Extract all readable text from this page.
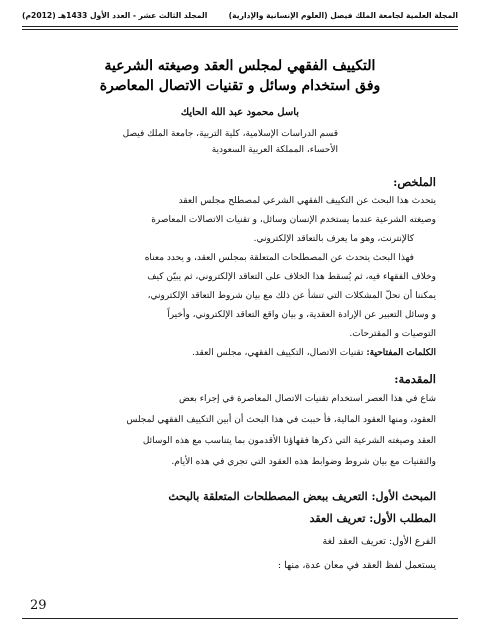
المجلة العلمية لجامعة الملك فيصل (العلوم الإنسانية والإدارية)
المجلد الثالث عشر - العدد الأول 1433هـ (2012م)
التكييف الفقهي لمجلس العقد وصيغته الشرعية
وفق استخدام وسائل و تقنيات الاتصال المعاصرة
باسل محمود عبد الله الحايك
قسم الدراسات الإسلامية، كلية التربية، جامعة الملك فيصل
الأحساء، المملكة العربية السعودية
الملخص:
يتحدث هذا البحث عن التكييف الفقهي الشرعي لمصطلح مجلس العقد
وصيغته الشرعية عندما يستخدم الإنسان وسائل، و تقنيات الاتصالات المعاصرة
كالإنترنت، وهو ما يعرف بالتعاقد الإلكتروني.
فهذا البحث يتحدث عن المصطلحات المتعلقة بمجلس العقد، و يحدد معناه
وخلاف الفقهاء فيه، ثم يُسقط هذا الخلاف على التعاقد الإلكتروني، ثم يبيّن كيف
يمكننا أن نحلّ المشكلات التي تنشأ عن ذلك مع بيان شروط التعاقد الإلكتروني،
و وسائل التعبير عن الإرادة العقدية، و بيان واقع التعاقد الإلكتروني، وأخيراً
التوصيات و المقترحات.
الكلمات المفتاحية: تقنيات الاتصال، التكييف الفقهي، مجلس العقد.
المقدمة:
شاع في هذا العصر استخدام تقنيات الاتصال المعاصرة في إجراء بعض
العقود، ومنها العقود المالية، فأ حببت في هذا البحث أن أبين التكييف الفقهي لمجلس
العقد وصيغته الشرعية التي ذكرها فقهاؤنا الأقدمون بما يتناسب مع هذه الوسائل
والتقنيات مع بيان شروط وضوابط هذه العقود التي تجري في هذه الأيام.
المبحث الأول: التعريف ببعض المصطلحات المتعلقة بالبحث
المطلب الأول: تعريف العقد
الفرع الأول: تعريف العقد لغة
يستعمل لفظ العقد في معان عدة، منها :
29
